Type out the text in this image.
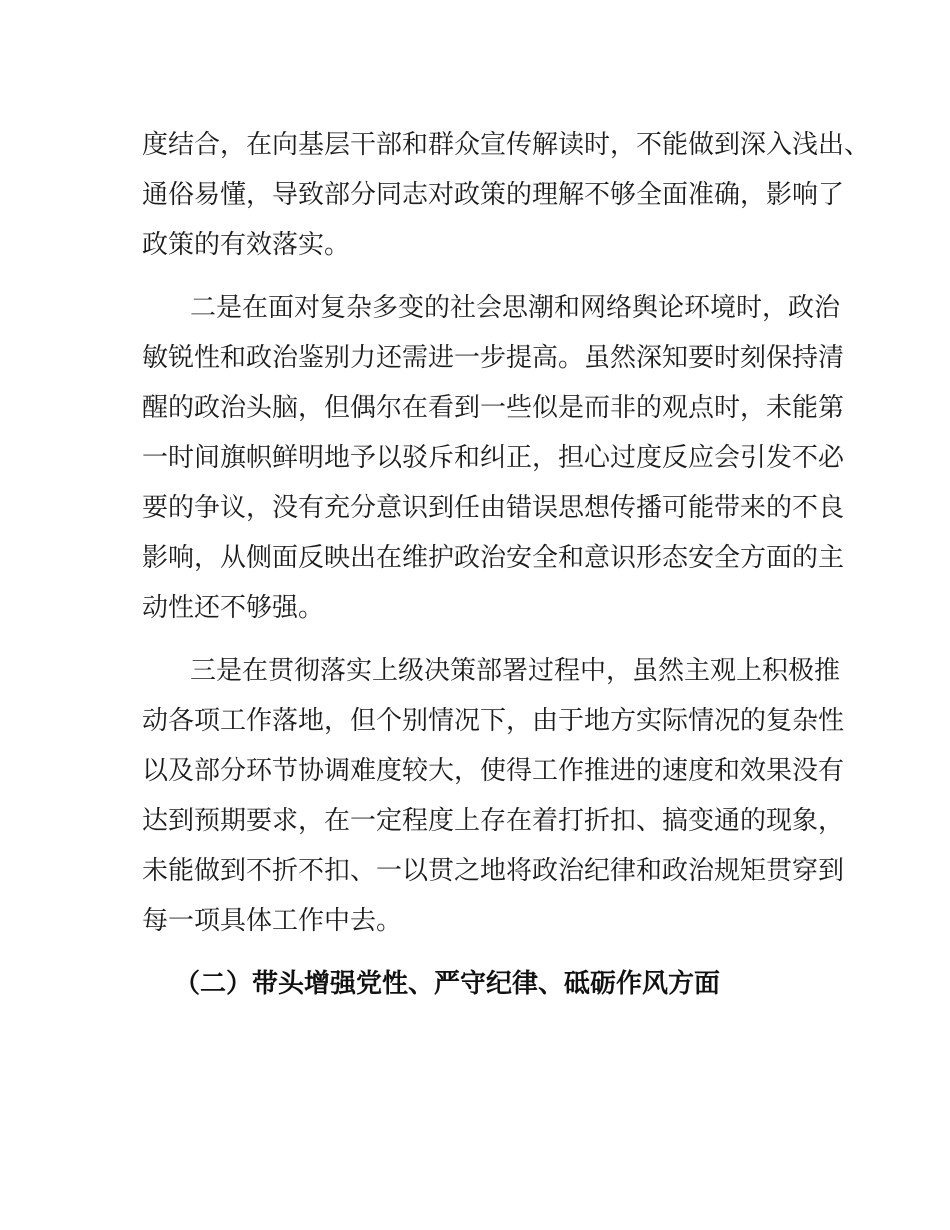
度结合，在向基层干部和群众宣传解读时，不能做到深入浅出、

通俗易懂，导致部分同志对政策的理解不够全面准确，影响了

政策的有效落实。

二是在面对复杂多变的社会思潮和网络舆论环境时，政治

敏锐性和政治鉴别力还需进一步提高。虽然深知要时刻保持清

醒的政治头脑，但偶尔在看到一些似是而非的观点时，未能第

一时间旗帜鲜明地予以驳斥和纠正，担心过度反应会引发不必

要的争议，没有充分意识到任由错误思想传播可能带来的不良

影响，从侧面反映出在维护政治安全和意识形态安全方面的主

动性还不够强。

三是在贯彻落实上级决策部署过程中，虽然主观上积极推

动各项工作落地，但个别情况下，由于地方实际情况的复杂性

以及部分环节协调难度较大，使得工作推进的速度和效果没有

达到预期要求，在一定程度上存在着打折扣、搞变通的现象，

未能做到不折不扣、一以贯之地将政治纪律和政治规矩贯穿到

每一项具体工作中去。

（二）带头增强党性、严守纪律、砥砺作风方面
